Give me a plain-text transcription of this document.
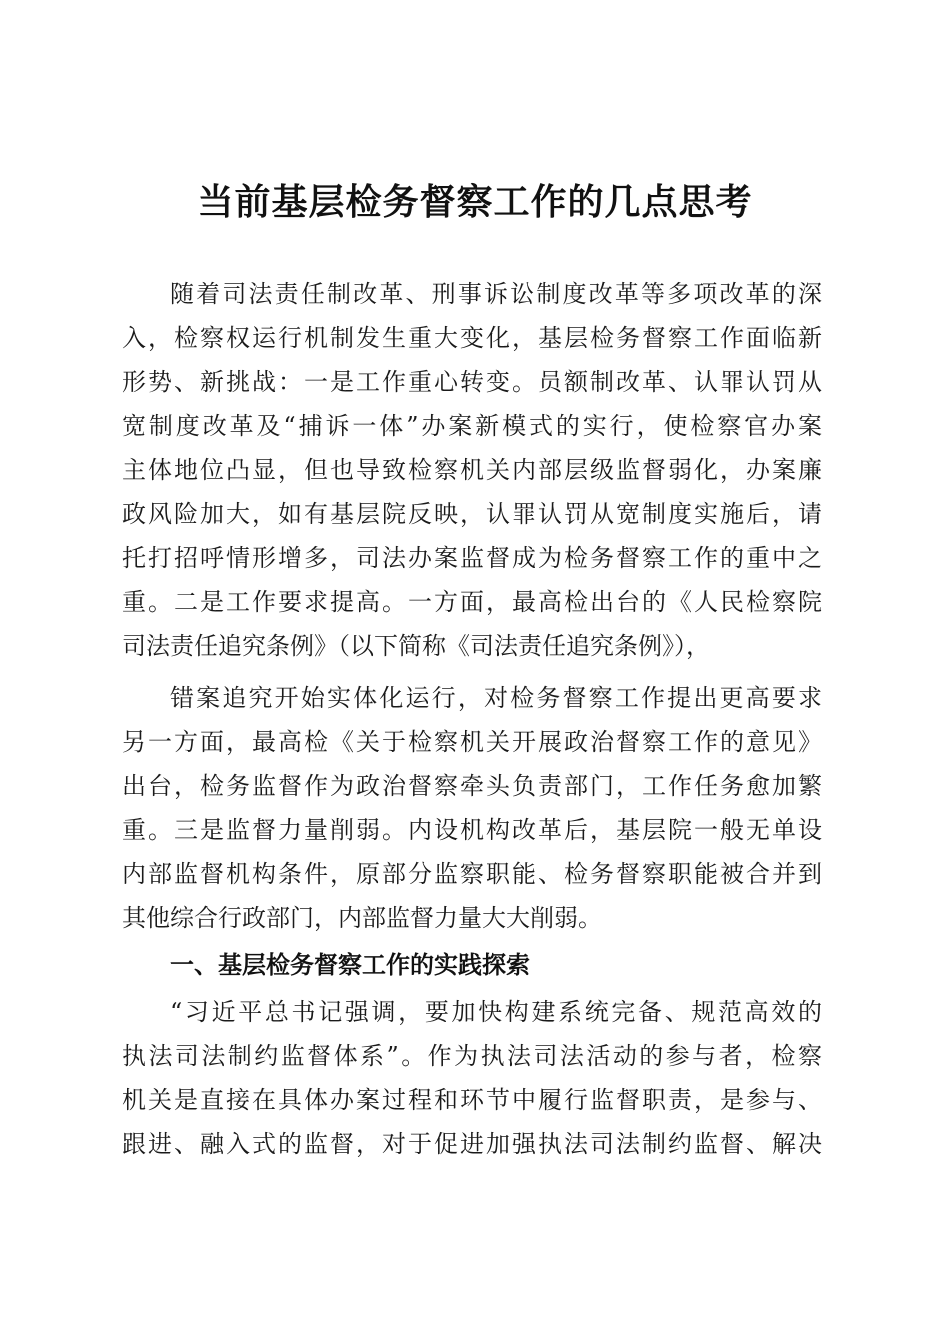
当前基层检务督察工作的几点思考
随着司法责任制改革、刑事诉讼制度改革等多项改革的深
入，检察权运行机制发生重大变化，基层检务督察工作面临新
形势、新挑战：一是工作重心转变。员额制改革、认罪认罚从
宽制度改革及“捕诉一体”办案新模式的实行，使检察官办案
主体地位凸显，但也导致检察机关内部层级监督弱化，办案廉
政风险加大，如有基层院反映，认罪认罚从宽制度实施后，请
托打招呼情形增多，司法办案监督成为检务督察工作的重中之
重。二是工作要求提高。一方面，最高检出台的《人民检察院
司法责任追究条例》（以下简称《司法责任追究条例》），
错案追究开始实体化运行，对检务督察工作提出更高要求
另一方面，最高检《关于检察机关开展政治督察工作的意见》
出台，检务监督作为政治督察牵头负责部门，工作任务愈加繁
重。三是监督力量削弱。内设机构改革后，基层院一般无单设
内部监督机构条件，原部分监察职能、检务督察职能被合并到
其他综合行政部门，内部监督力量大大削弱。
一、基层检务督察工作的实践探索
“习近平总书记强调，要加快构建系统完备、规范高效的
执法司法制约监督体系”。作为执法司法活动的参与者，检察
机关是直接在具体办案过程和环节中履行监督职责，是参与、
跟进、融入式的监督，对于促进加强执法司法制约监督、解决
